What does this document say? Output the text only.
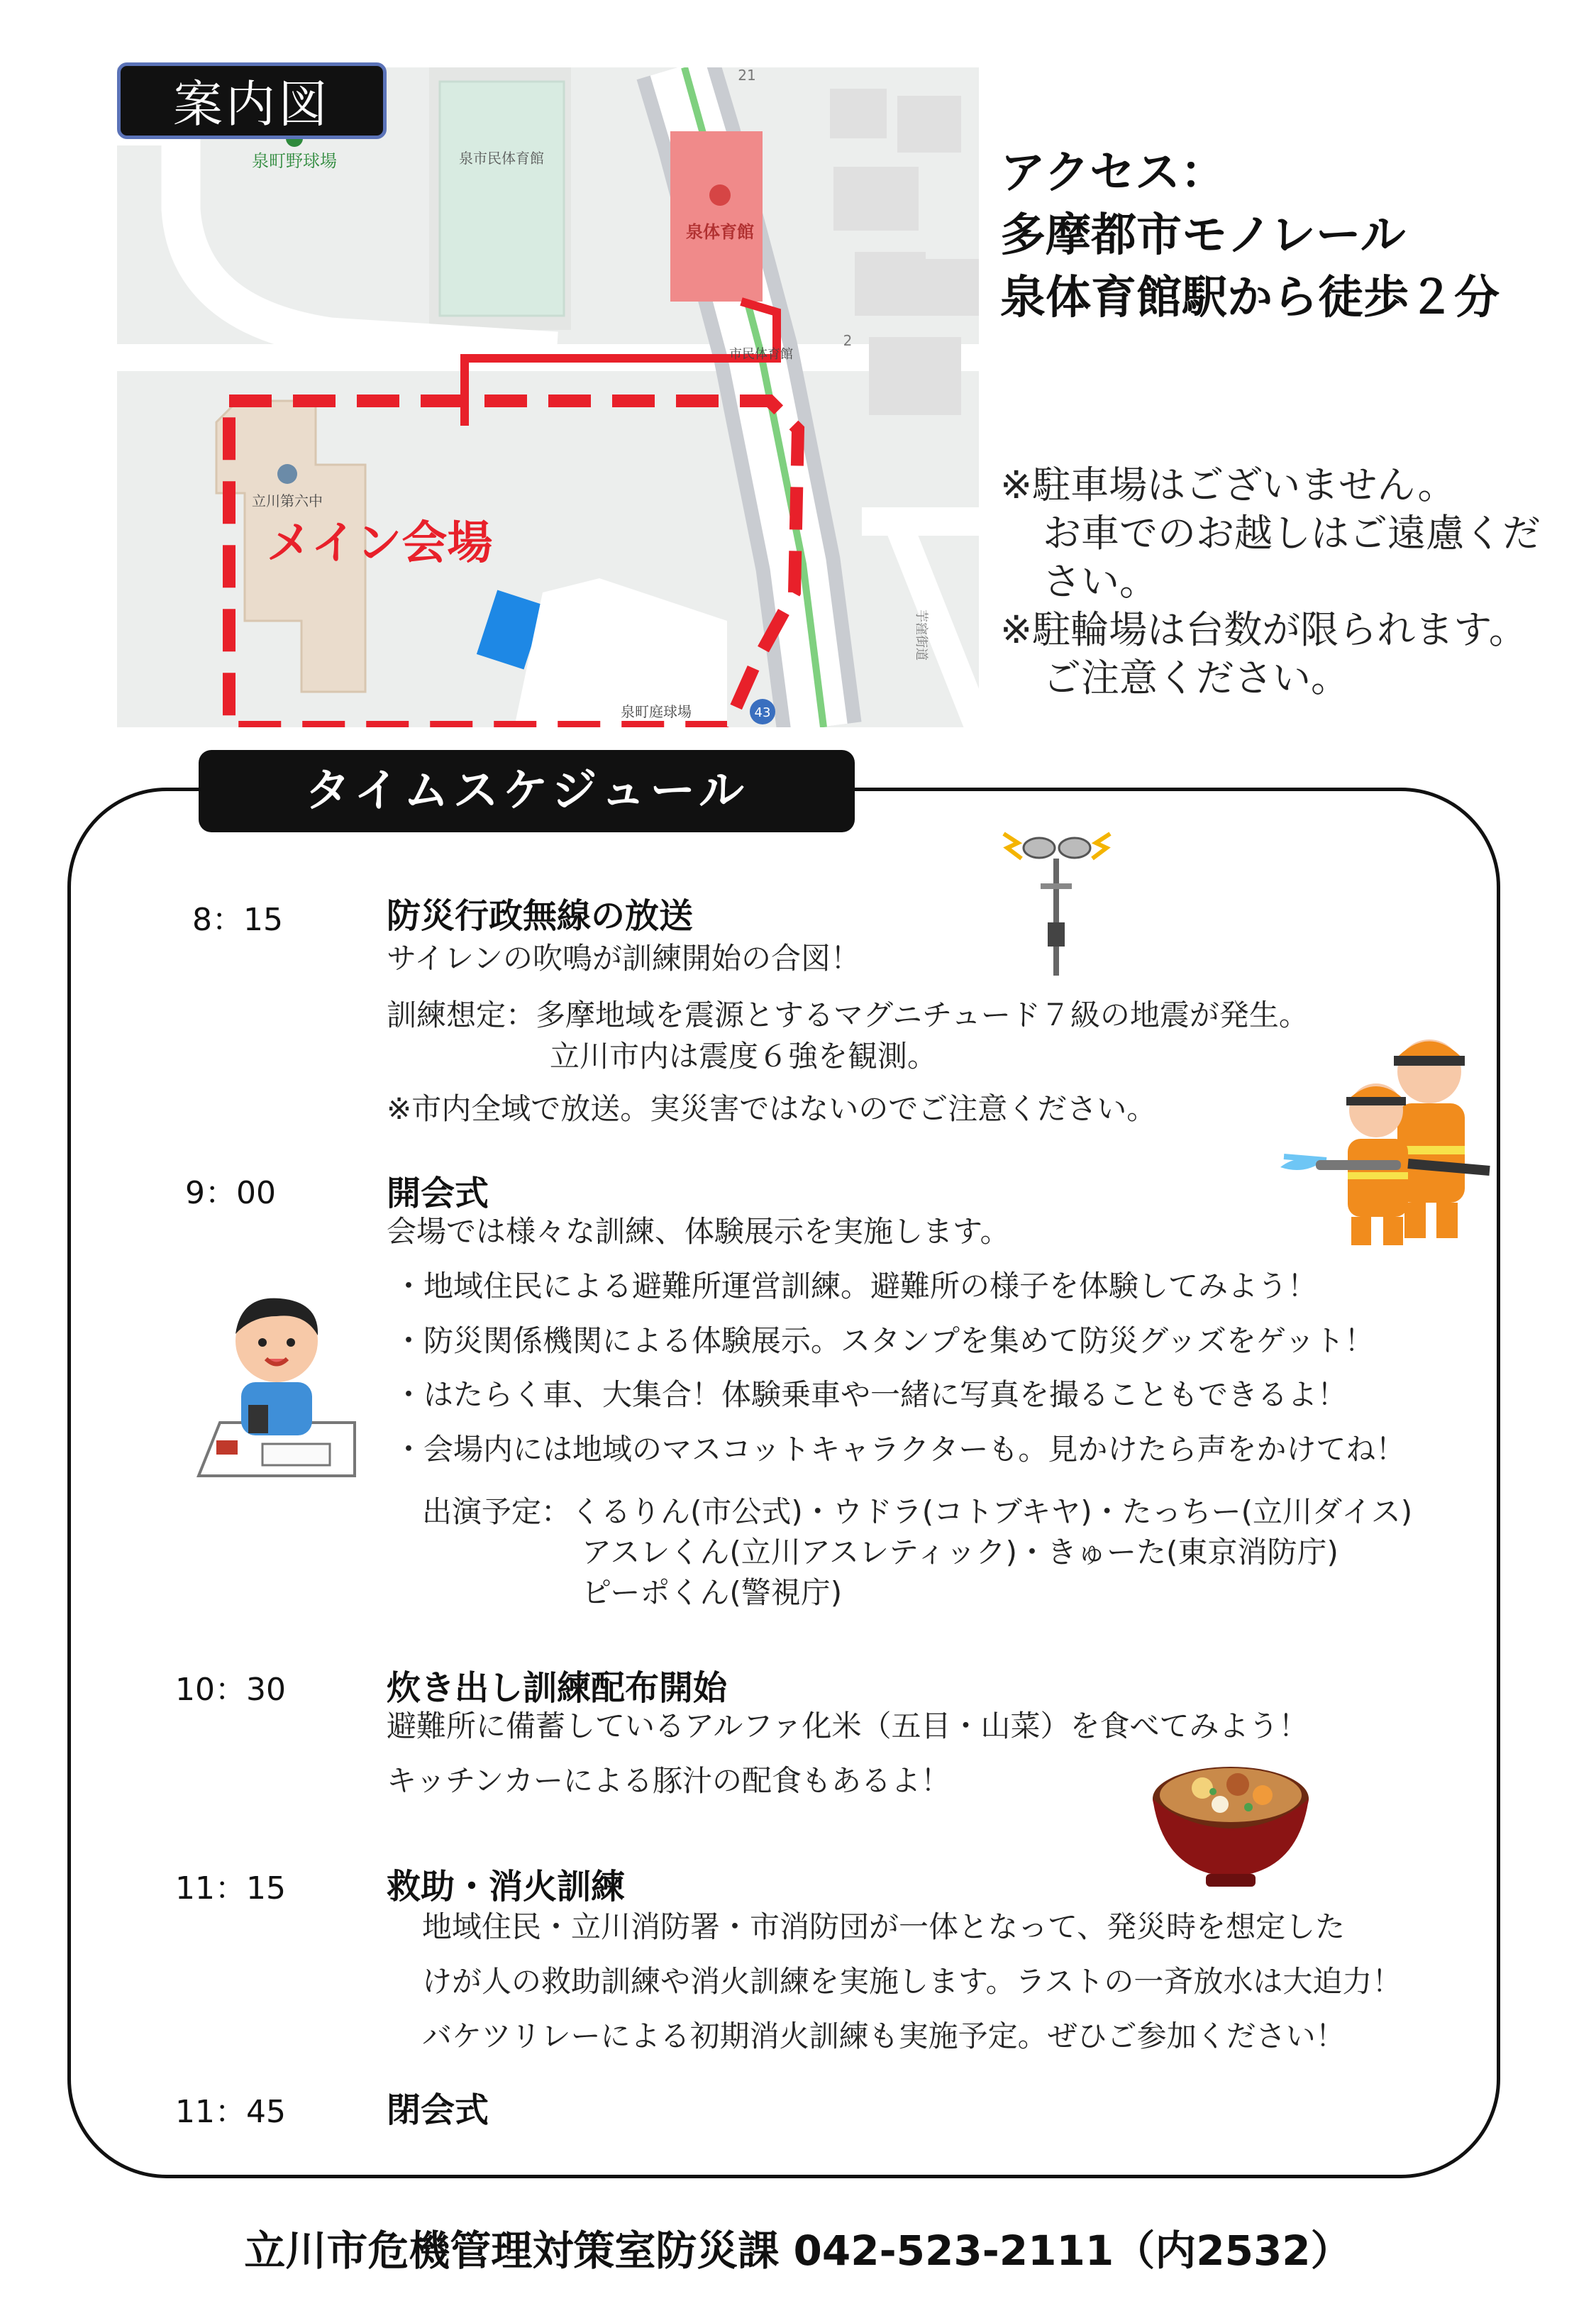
泉町野球場	泉市民体育館
泉体育館
市民体育館
立川第六中
メイン会場
泉町庭球場	43
21
2
芋窪街道
案内図
アクセス：
多摩都市モノレール
泉体育館駅から徒歩２分
※駐車場はございません。
お車でのお越しはご遠慮くだ
さい。
※駐輪場は台数が限られます。
ご注意ください。
タイムスケジュール
8：15	防災行政無線の放送
サイレンの吹鳴が訓練開始の合図！
訓練想定：多摩地域を震源とするマグニチュード７級の地震が発生。
立川市内は震度６強を観測。
※市内全域で放送。実災害ではないのでご注意ください。
9：00	開会式
会場では様々な訓練、体験展示を実施します。
・地域住民による避難所運営訓練。避難所の様子を体験してみよう！
・防災関係機関による体験展示。スタンプを集めて防災グッズをゲット！
・はたらく車、大集合！体験乗車や一緒に写真を撮ることもできるよ！
・会場内には地域のマスコットキャラクターも。見かけたら声をかけてね！
出演予定：くるりん(市公式)・ウドラ(コトブキヤ)・たっちー(立川ダイス)
アスレくん(立川アスレティック)・きゅーた(東京消防庁)
ピーポくん(警視庁)
10：30	炊き出し訓練配布開始
避難所に備蓄しているアルファ化米（五目・山菜）を食べてみよう！
キッチンカーによる豚汁の配食もあるよ！
11：15	救助・消火訓練
地域住民・立川消防署・市消防団が一体となって、発災時を想定した
けが人の救助訓練や消火訓練を実施します。ラストの一斉放水は大迫力！
バケツリレーによる初期消火訓練も実施予定。ぜひご参加ください！
11：45	閉会式
立川市危機管理対策室防災課 042-523-2111（内2532）
